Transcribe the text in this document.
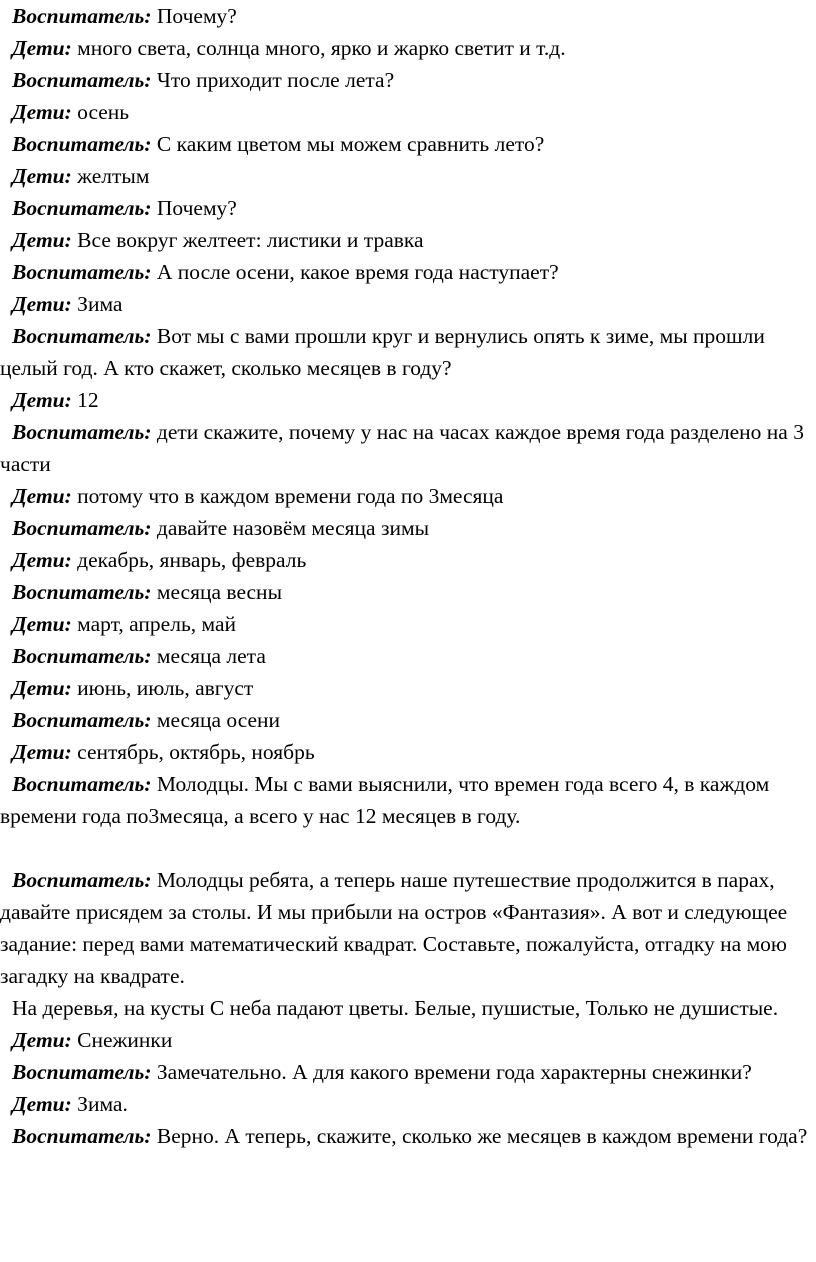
Воспитатель: Почему?

Дети: много света, солнца много, ярко и жарко светит и т.д.

Воспитатель: Что приходит после лета?

Дети: осень

Воспитатель: С каким цветом мы можем сравнить лето?

Дети: желтым

Воспитатель: Почему?

Дети: Все вокруг желтеет: листики и травка

Воспитатель: А после осени, какое время года наступает?

Дети: Зима

Воспитатель: Вот мы с вами прошли круг и вернулись опять к зиме, мы прошли целый год. А кто скажет, сколько месяцев в году?

Дети: 12

Воспитатель: дети скажите, почему у нас на часах каждое время года разделено на 3 части

Дети: потому что в каждом времени года по 3месяца

Воспитатель: давайте назовём месяца зимы

Дети: декабрь, январь, февраль

Воспитатель: месяца весны

Дети: март, апрель, май

Воспитатель: месяца лета

Дети: июнь, июль, август

Воспитатель: месяца осени

Дети: сентябрь, октябрь, ноябрь

Воспитатель: Молодцы. Мы с вами выяснили, что времен года всего 4, в каждом времени года по3месяца, а всего у нас 12 месяцев в году.

Воспитатель: Молодцы ребята, а теперь наше путешествие продолжится в парах, давайте присядем за столы. И мы прибыли на остров «Фантазия». А вот и следующее задание: перед вами математический квадрат. Составьте, пожалуйста, отгадку на мою загадку на квадрате.

На деревья, на кусты С неба падают цветы. Белые, пушистые, Только не душистые.

Дети: Снежинки

Воспитатель: Замечательно. А для какого времени года характерны снежинки?

Дети: Зима.

Воспитатель: Верно. А теперь, скажите, сколько же месяцев в каждом времени года?
